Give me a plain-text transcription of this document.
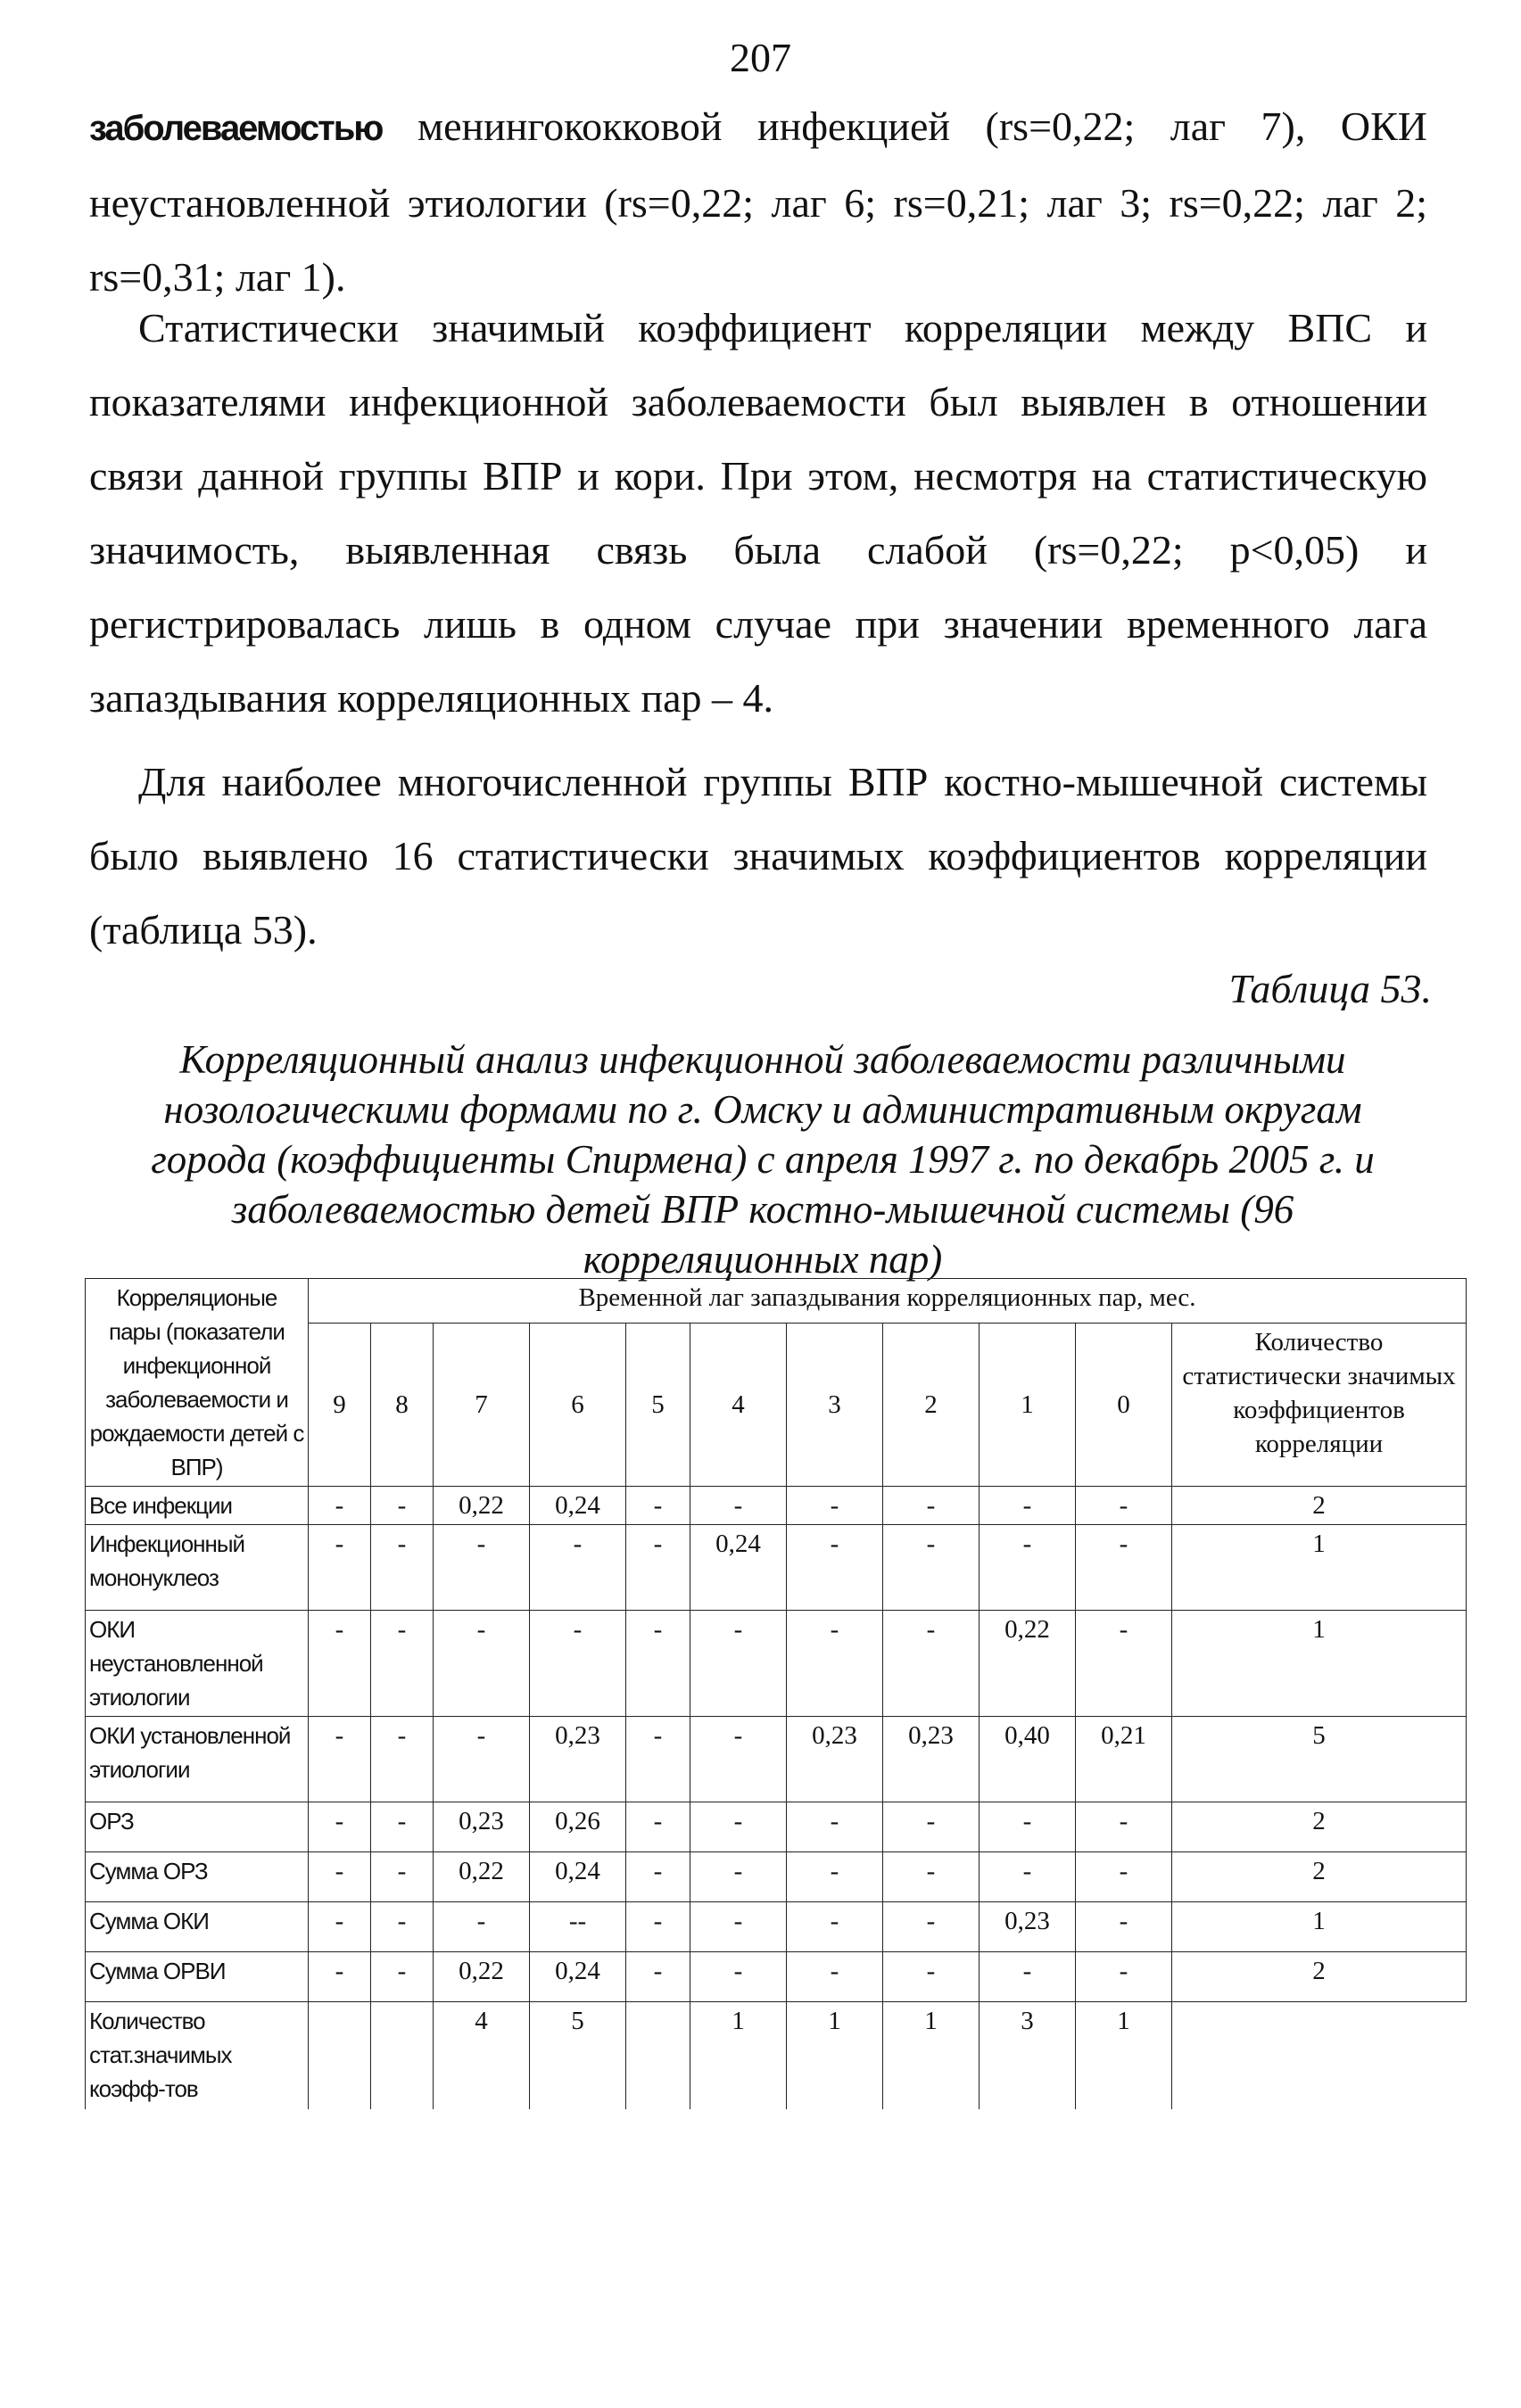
207
заболеваемостью менингококковой инфекцией (rs=0,22; лаг 7), ОКИ неустановленной этиологии (rs=0,22; лаг 6; rs=0,21; лаг 3; rs=0,22; лаг 2; rs=0,31; лаг 1).
Статистически значимый коэффициент корреляции между ВПС и показателями инфекционной заболеваемости был выявлен в отношении связи данной группы ВПР и кори. При этом, несмотря на статистическую значимость, выявленная связь была слабой (rs=0,22; p<0,05) и регистрировалась лишь в одном случае при значении временного лага запаздывания корреляционных пар – 4.
Для наиболее многочисленной группы ВПР костно-мышечной системы было выявлено 16 статистически значимых коэффициентов корреляции (таблица 53).
Таблица 53.
Корреляционный анализ инфекционной заболеваемости различными нозологическими формами по г. Омску и административным округам города (коэффициенты Спирмена) с апреля 1997 г. по декабрь 2005 г. и заболеваемостью детей ВПР костно-мышечной системы (96 корреляционных пар)
Корреляционые пары (показатели инфекционной заболеваемости и рождаемости детей с ВПР)	Временной лаг запаздывания корреляционных пар, мес.										
	9	8	7	6	5	4	3	2	1	0	Количество статистически значимых коэффициентов корреляции
Все инфекции	-	-	0,22	0,24	-	-	-	-	-	-	2
Инфекционный мононуклеоз	-	-	-	-	-	0,24	-	-	-	-	1
ОКИ неустановленной этиологии	-	-	-	-	-	-	-	-	0,22	-	1
ОКИ установленной этиологии	-	-	-	0,23	-	-	0,23	0,23	0,40	0,21	5
ОРЗ	-	-	0,23	0,26	-	-	-	-	-	-	2
Сумма ОРЗ	-	-	0,22	0,24	-	-	-	-	-	-	2
Сумма ОКИ	-	-	-	--	-	-	-	-	0,23	-	1
Сумма ОРВИ	-	-	0,22	0,24	-	-	-	-	-	-	2
Количество стат.значимых коэфф-тов			4	5		1	1	1	3	1	
